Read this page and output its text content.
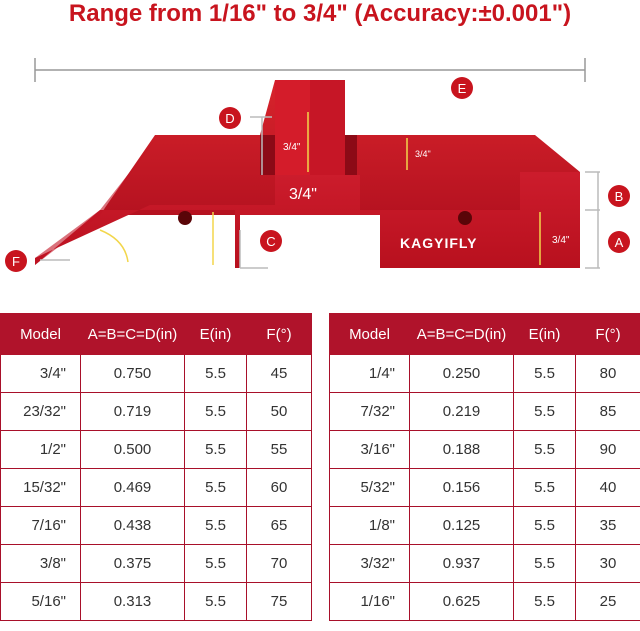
Range from 1/16" to 3/4" (Accuracy:±0.001")
3/4"
3/4"
3/4"
3/4"	3/4"
45°	KAGYIFLY
D
E
B
A
C
F
Model	A=B=C=D(in)	E(in)	F(°)
3/4"	0.750	5.5	45
23/32"	0.719	5.5	50
1/2"	0.500	5.5	55
15/32"	0.469	5.5	60
7/16"	0.438	5.5	65
3/8"	0.375	5.5	70
5/16"	0.313	5.5	75
Model	A=B=C=D(in)	E(in)	F(°)
1/4"	0.250	5.5	80
7/32"	0.219	5.5	85
3/16"	0.188	5.5	90
5/32"	0.156	5.5	40
1/8"	0.125	5.5	35
3/32"	0.937	5.5	30
1/16"	0.625	5.5	25
